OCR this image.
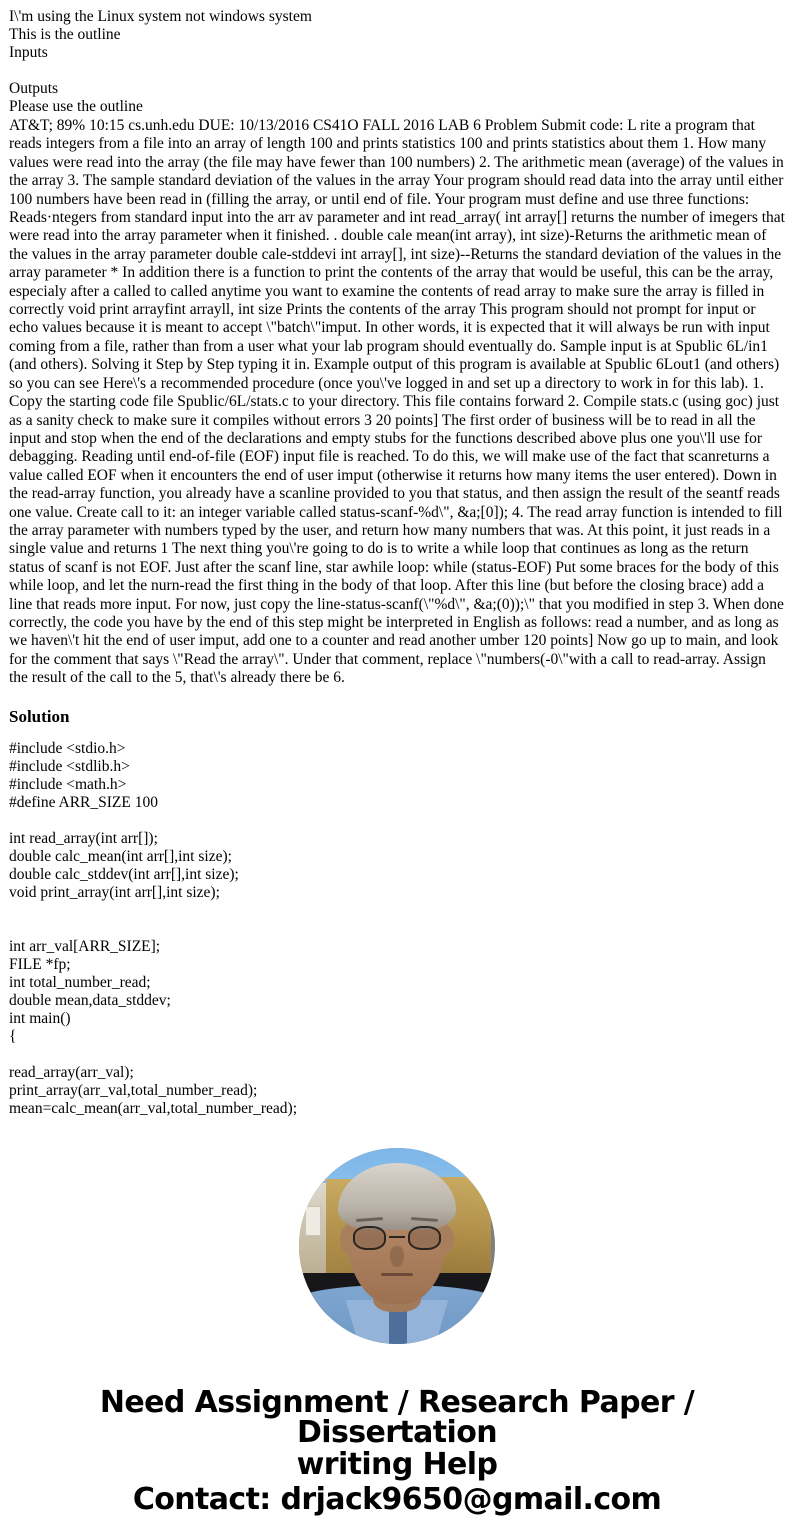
I\'m using the Linux system not windows system
This is the outline
Inputs
Outputs
Please use the outline

AT&T; 89% 10:15 cs.unh.edu DUE: 10/13/2016 CS41O FALL 2016 LAB 6 Problem Submit code: L rite a program that reads integers from a file into an array of length 100 and prints statistics 100 and prints statistics about them 1. How many values were read into the array (the file may have fewer than 100 numbers) 2. The arithmetic mean (average) of the values in the array 3. The sample standard deviation of the values in the array Your program should read data into the array until either 100 numbers have been read in (filling the array, or until end of file. Your program must define and use three functions: Reads·ntegers from standard input into the arr av parameter and int read_array( int array[] returns the number of imegers that were read into the array parameter when it finished. . double cale mean(int array), int size)-Returns the arithmetic mean of the values in the array parameter double cale-stddevi int array[], int size)--Returns the standard deviation of the values in the array parameter * In addition there is a function to print the contents of the array that would be useful, this can be the array, especialy after a called to called anytime you want to examine the contents of read array to make sure the array is filled in correctly void print arrayfint arrayll, int size Prints the contents of the array This program should not prompt for input or echo values because it is meant to accept \"batch\"imput. In other words, it is expected that it will always be run with input coming from a file, rather than from a user what your lab program should eventually do. Sample input is at Spublic 6L/in1 (and others). Solving it Step by Step typing it in. Example output of this program is available at Spublic 6Lout1 (and others) so you can see Here\'s a recommended procedure (once you\'ve logged in and set up a directory to work in for this lab). 1. Copy the starting code file Spublic/6L/stats.c to your directory. This file contains forward 2. Compile stats.c (using goc) just as a sanity check to make sure it compiles without errors 3 20 points] The first order of business will be to read in all the input and stop when the end of the declarations and empty stubs for the functions described above plus one you\'ll use for debagging. Reading until end-of-file (EOF) input file is reached. To do this, we will make use of the fact that scanreturns a value called EOF when it encounters the end of user imput (otherwise it returns how many items the user entered). Down in the read-array function, you already have a scanline provided to you that status, and then assign the result of the seantf reads one value. Create call to it: an integer variable called status-scanf-%d\", &a;[0]); 4. The read array function is intended to fill the array parameter with numbers typed by the user, and return how many numbers that was. At this point, it just reads in a single value and returns 1 The next thing you\'re going to do is to write a while loop that continues as long as the return status of scanf is not EOF. Just after the scanf line, star awhile loop: while (status-EOF) Put some braces for the body of this while loop, and let the nurn-read the first thing in the body of that loop. After this line (but before the closing brace) add a line that reads more input. For now, just copy the line-status-scanf(\"%d\", &a;(0));\" that you modified in step 3. When done correctly, the code you have by the end of this step might be interpreted in English as follows: read a number, and as long as we haven\'t hit the end of user imput, add one to a counter and read another umber 120 points] Now go up to main, and look for the comment that says \"Read the array\". Under that comment, replace \"numbers(-0\"with a call to read-array. Assign the result of the call to the 5, that\'s already there be 6.

Solution
#include <stdio.h>
#include <stdlib.h>
#include <math.h>
#define ARR_SIZE 100
int read_array(int arr[]);
double calc_mean(int arr[],int size);
double calc_stddev(int arr[],int size);
void print_array(int arr[],int size);
int arr_val[ARR_SIZE];
FILE *fp;
int total_number_read;
double mean,data_stddev;
int main()
{
read_array(arr_val);
print_array(arr_val,total_number_read);
mean=calc_mean(arr_val,total_number_read);
Need Assignment / Research Paper / Dissertation
writing Help
Contact: drjack9650@gmail.com
